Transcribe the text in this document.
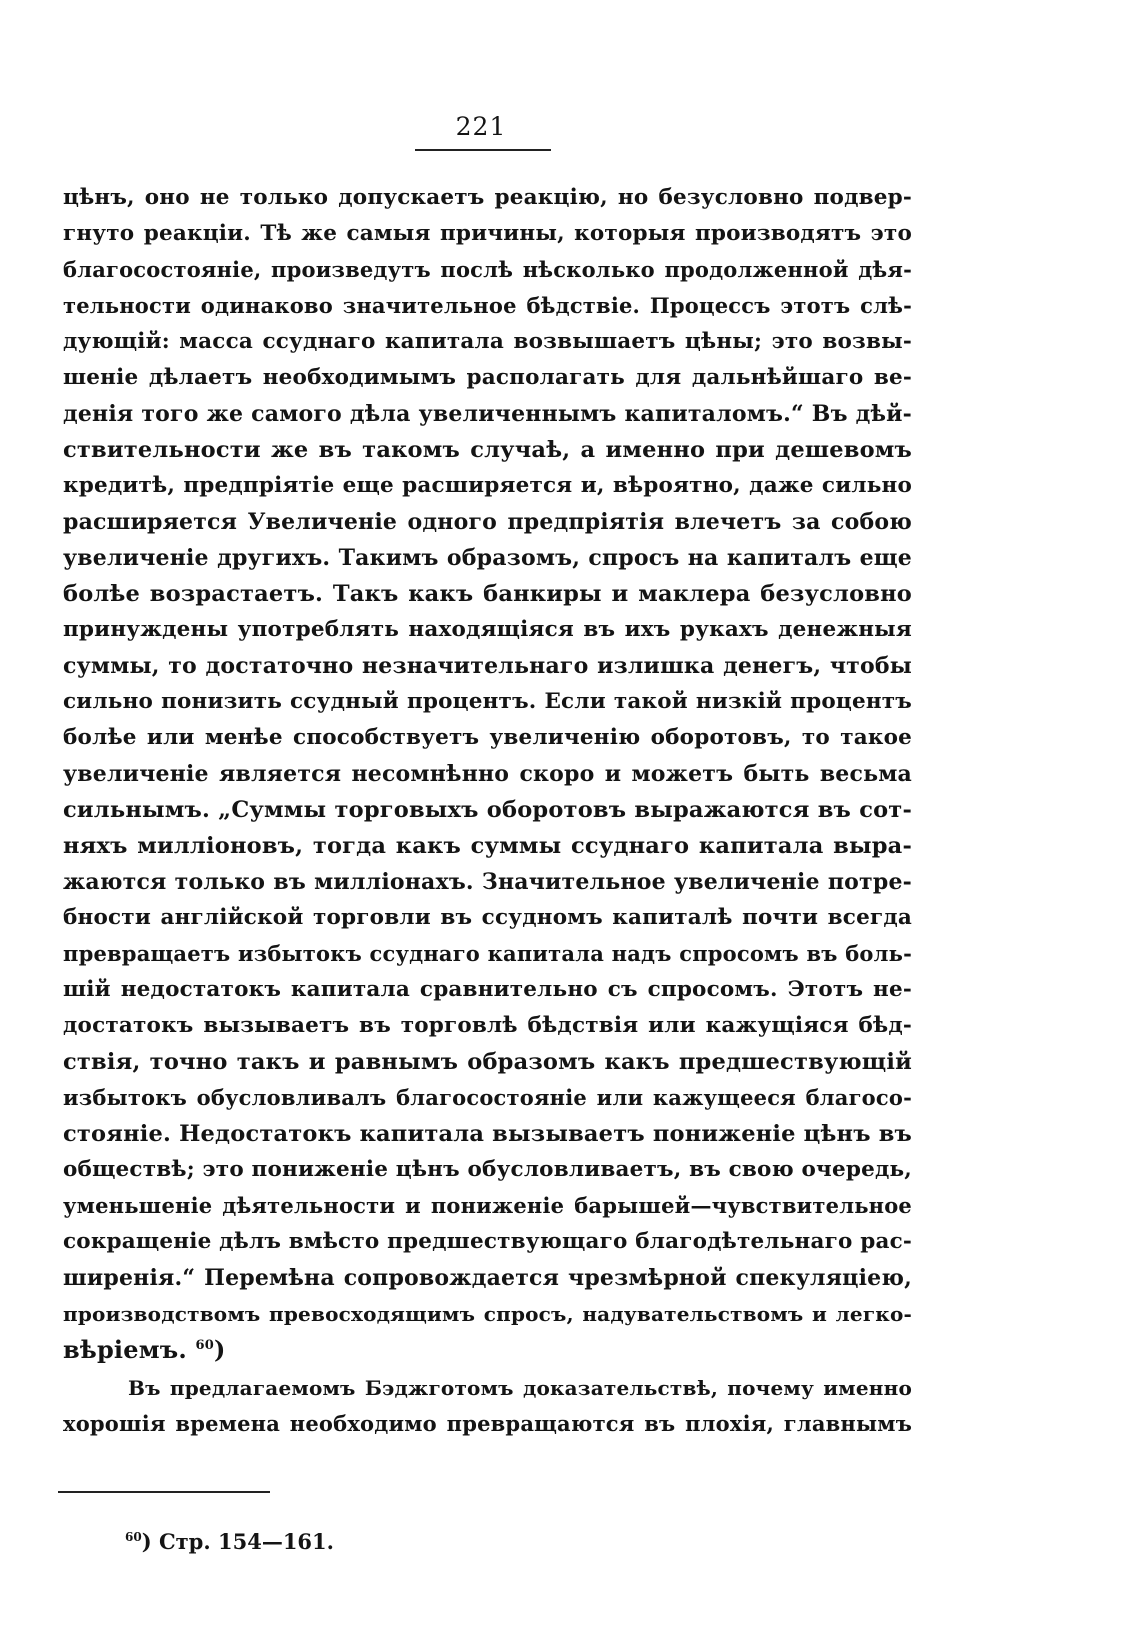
221
цѣнъ, оно не только допускаетъ реакцію, но безусловно подвер-
гнуто реакціи. Тѣ же самыя причины, которыя производятъ это
благосостояніе, произведутъ послѣ нѣсколько продолженной дѣя-
тельности одинаково значительное бѣдствіе. Процессъ этотъ слѣ-
дующій: масса ссуднаго капитала возвышаетъ цѣны; это возвы-
шеніе дѣлаетъ необходимымъ располагать для дальнѣйшаго ве-
денія того же самого дѣла увеличеннымъ капиталомъ.“ Въ дѣй-
ствительности же въ такомъ случаѣ, а именно при дешевомъ
кредитѣ, предпріятіе еще расширяется и, вѣроятно, даже сильно
расширяется Увеличеніе одного предпріятія влечетъ за собою
увеличеніе другихъ. Такимъ образомъ, спросъ на капиталъ еще
болѣе возрастаетъ. Такъ какъ банкиры и маклера безусловно
принуждены употреблять находящіяся въ ихъ рукахъ денежныя
суммы, то достаточно незначительнаго излишка денегъ, чтобы
сильно понизить ссудный процентъ. Если такой низкій процентъ
болѣе или менѣе способствуетъ увеличенію оборотовъ, то такое
увеличеніе является несомнѣнно скоро и можетъ быть весьма
сильнымъ. „Суммы торговыхъ оборотовъ выражаются въ сот-
няхъ милліоновъ, тогда какъ суммы ссуднаго капитала выра-
жаются только въ милліонахъ. Значительное увеличеніе потре-
бности англійской торговли въ ссудномъ капиталѣ почти всегда
превращаетъ избытокъ ссуднаго капитала надъ спросомъ въ боль-
шій недостатокъ капитала сравнительно съ спросомъ. Этотъ не-
достатокъ вызываетъ въ торговлѣ бѣдствія или кажущіяся бѣд-
ствія, точно такъ и равнымъ образомъ какъ предшествующій
избытокъ обусловливалъ благосостояніе или кажущееся благосо-
стояніе. Недостатокъ капитала вызываетъ пониженіе цѣнъ въ
обществѣ; это пониженіе цѣнъ обусловливаетъ, въ свою очередь,
уменьшеніе дѣятельности и пониженіе барышей—чувствительное
сокращеніе дѣлъ вмѣсто предшествующаго благодѣтельнаго рас-
ширенія.“ Перемѣна сопровождается чрезмѣрной спекуляціею,
производствомъ превосходящимъ спросъ, надувательствомъ и легко-
вѣріемъ. $^{60}$)
Въ предлагаемомъ Бэджготомъ доказательствѣ, почему именно
хорошія времена необходимо превращаются въ плохія, главнымъ
$^{60}$) Стр. 154—161.
